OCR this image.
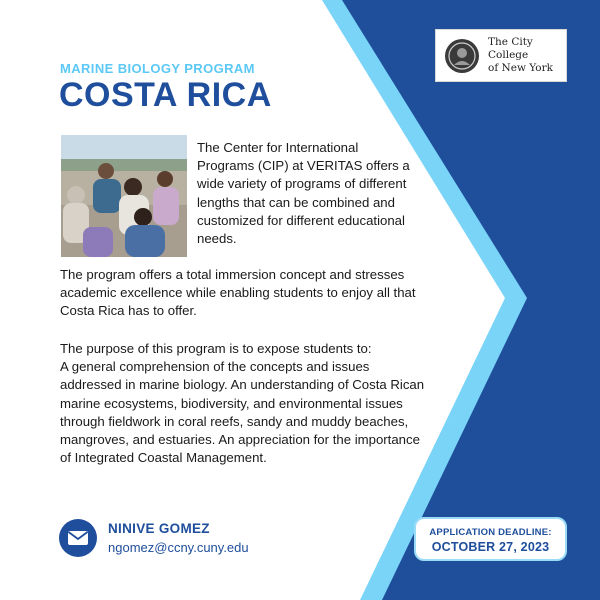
The City College
of New York
MARINE BIOLOGY PROGRAM
COSTA RICA
The Center for International Programs (CIP) at VERITAS offers a wide variety of programs of different lengths that can be combined and customized for different educational needs.
The program offers a total immersion concept and stresses academic excellence while enabling students to enjoy all that Costa Rica has to offer.
The purpose of this program is to expose students to:
A general comprehension of the concepts and issues addressed in marine biology. An understanding of Costa Rican marine ecosystems, biodiversity, and environmental issues through fieldwork in coral reefs, sandy and muddy beaches, mangroves, and estuaries. An appreciation for the importance of Integrated Coastal Management.
NINIVE GOMEZ
ngomez@ccny.cuny.edu
APPLICATION DEADLINE:
OCTOBER 27, 2023
